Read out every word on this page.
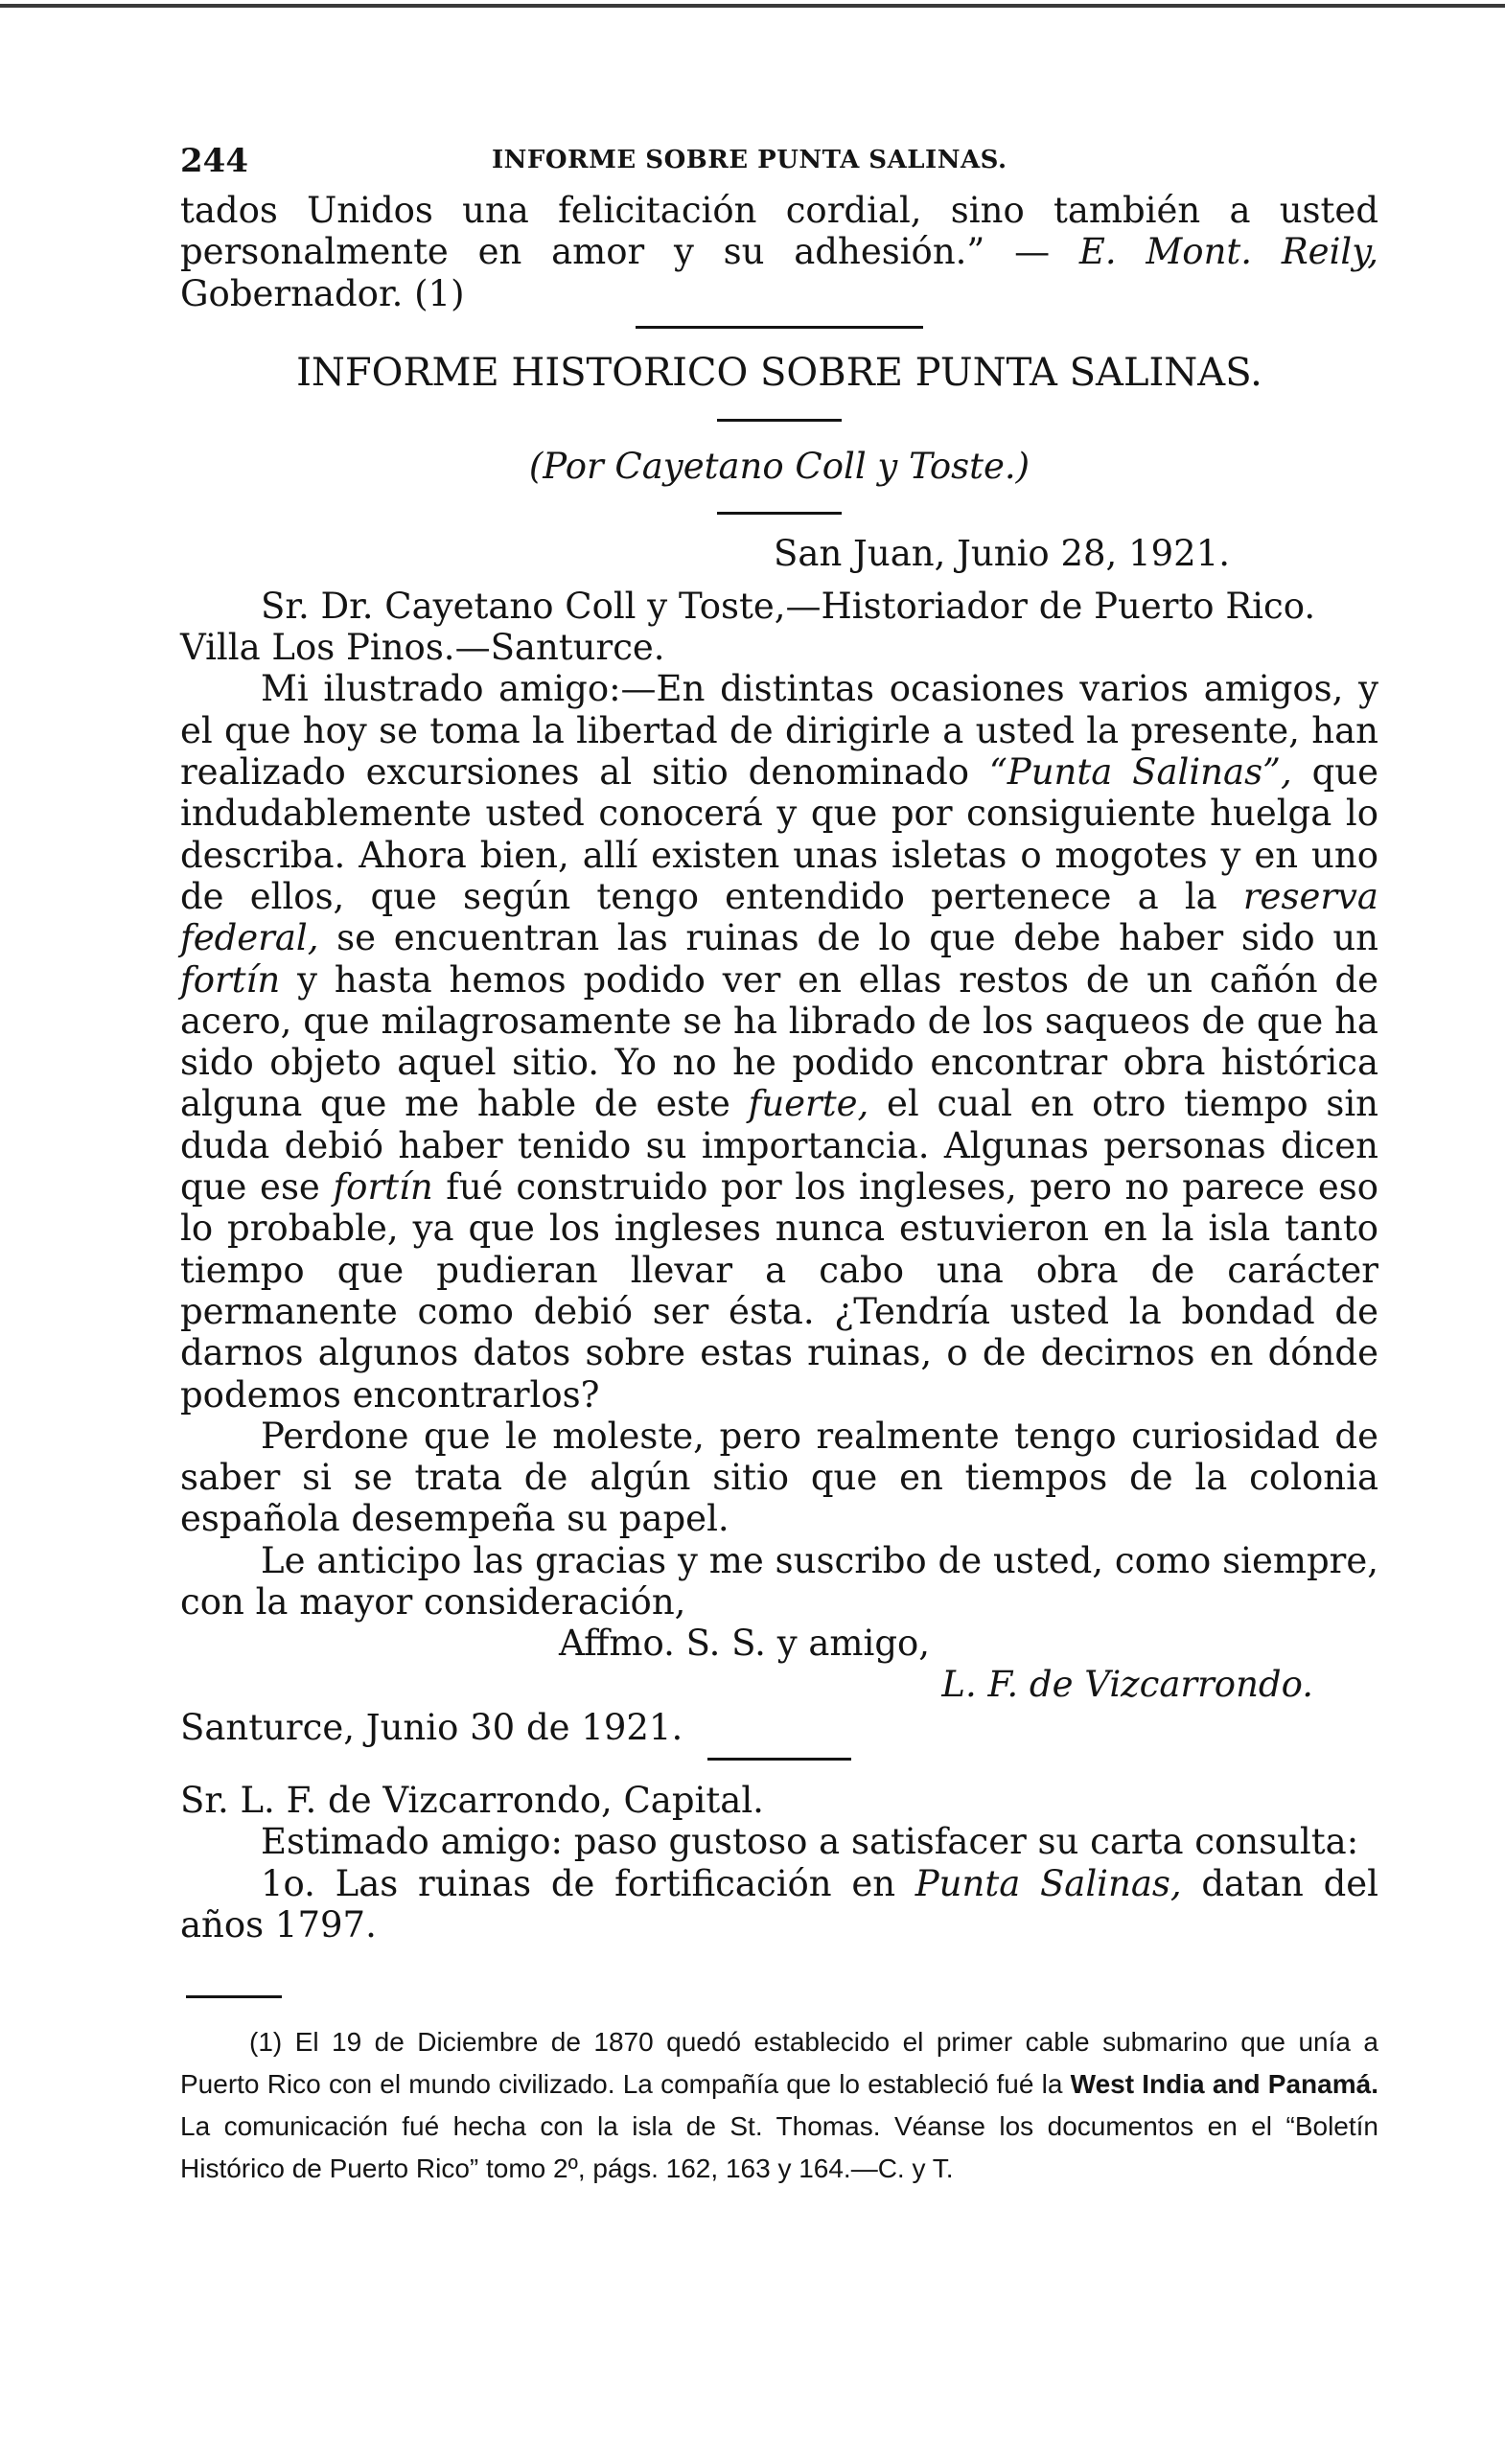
244	INFORME SOBRE PUNTA SALINAS.

tados Unidos una felicitación cordial, sino también a usted personalmente en amor y su adhesión.” — E. Mont. Reily, Gobernador. (1)

INFORME HISTORICO SOBRE PUNTA SALINAS.
(Por Cayetano Coll y Toste.)
San Juan, Junio 28, 1921.

Sr. Dr. Cayetano Coll y Toste,—Historiador de Puerto Rico.
Villa Los Pinos.—Santurce.

Mi ilustrado amigo:—En distintas ocasiones varios amigos, y el que hoy se toma la libertad de dirigirle a usted la presente, han realizado excursiones al sitio denominado “Punta Salinas”, que indudablemente usted conocerá y que por consiguiente huelga lo describa. Ahora bien, allí existen unas isletas o mogotes y en uno de ellos, que según tengo entendido pertenece a la reserva federal, se encuentran las ruinas de lo que debe haber sido un fortín y hasta hemos podido ver en ellas restos de un cañón de acero, que milagrosamente se ha librado de los saqueos de que ha sido objeto aquel sitio. Yo no he podido encontrar obra histórica alguna que me hable de este fuerte, el cual en otro tiempo sin duda debió haber tenido su importancia. Algunas personas dicen que ese fortín fué construido por los ingleses, pero no parece eso lo probable, ya que los ingleses nunca estuvieron en la isla tanto tiempo que pudieran llevar a cabo una obra de carácter permanente como debió ser ésta. ¿Tendría usted la bondad de darnos algunos datos sobre estas ruinas, o de decirnos en dónde podemos encontrarlos?

Perdone que le moleste, pero realmente tengo curiosidad de saber si se trata de algún sitio que en tiempos de la colonia española desempeña su papel.

Le anticipo las gracias y me suscribo de usted, como siempre, con la mayor consideración,

Affmo. S. S. y amigo,
L. F. de Vizcarrondo.
Santurce, Junio 30 de 1921.
Sr. L. F. de Vizcarrondo, Capital.

Estimado amigo: paso gustoso a satisfacer su carta consulta:

1o. Las ruinas de fortificación en Punta Salinas, datan del años 1797.

(1) El 19 de Diciembre de 1870 quedó establecido el primer cable submarino que unía a Puerto Rico con el mundo civilizado. La compañía que lo estableció fué la West India and Panamá. La comunicación fué hecha con la isla de St. Thomas. Véanse los documentos en el “Boletín Histórico de Puerto Rico” tomo 2º, págs. 162, 163 y 164.—C. y T.
